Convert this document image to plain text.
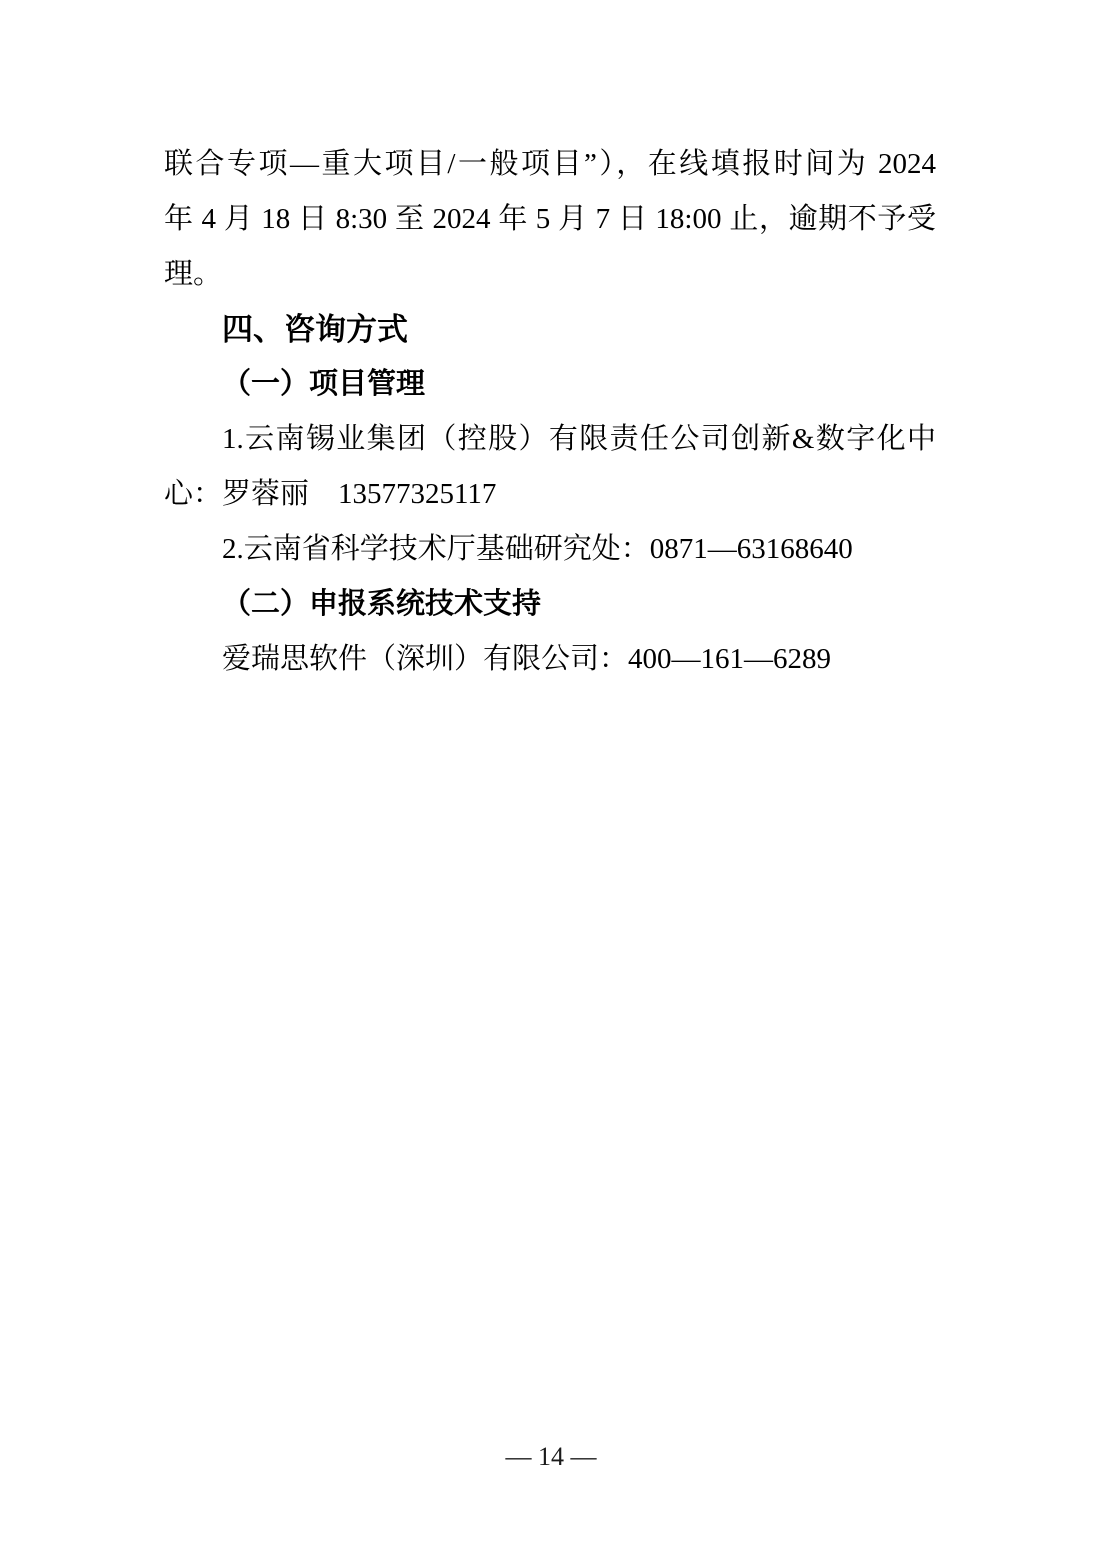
联合专项—重大项目/一般项目”），在线填报时间为 2024
年 4 月 18 日 8:30 至 2024 年 5 月 7 日 18:00 止，逾期不予受
理。
四、咨询方式
（一）项目管理
1.云南锡业集团（控股）有限责任公司创新&数字化中
心：罗蓉丽　13577325117
2.云南省科学技术厅基础研究处：0871—63168640
（二）申报系统技术支持
爱瑞思软件（深圳）有限公司：400—161—6289
— 14 —
